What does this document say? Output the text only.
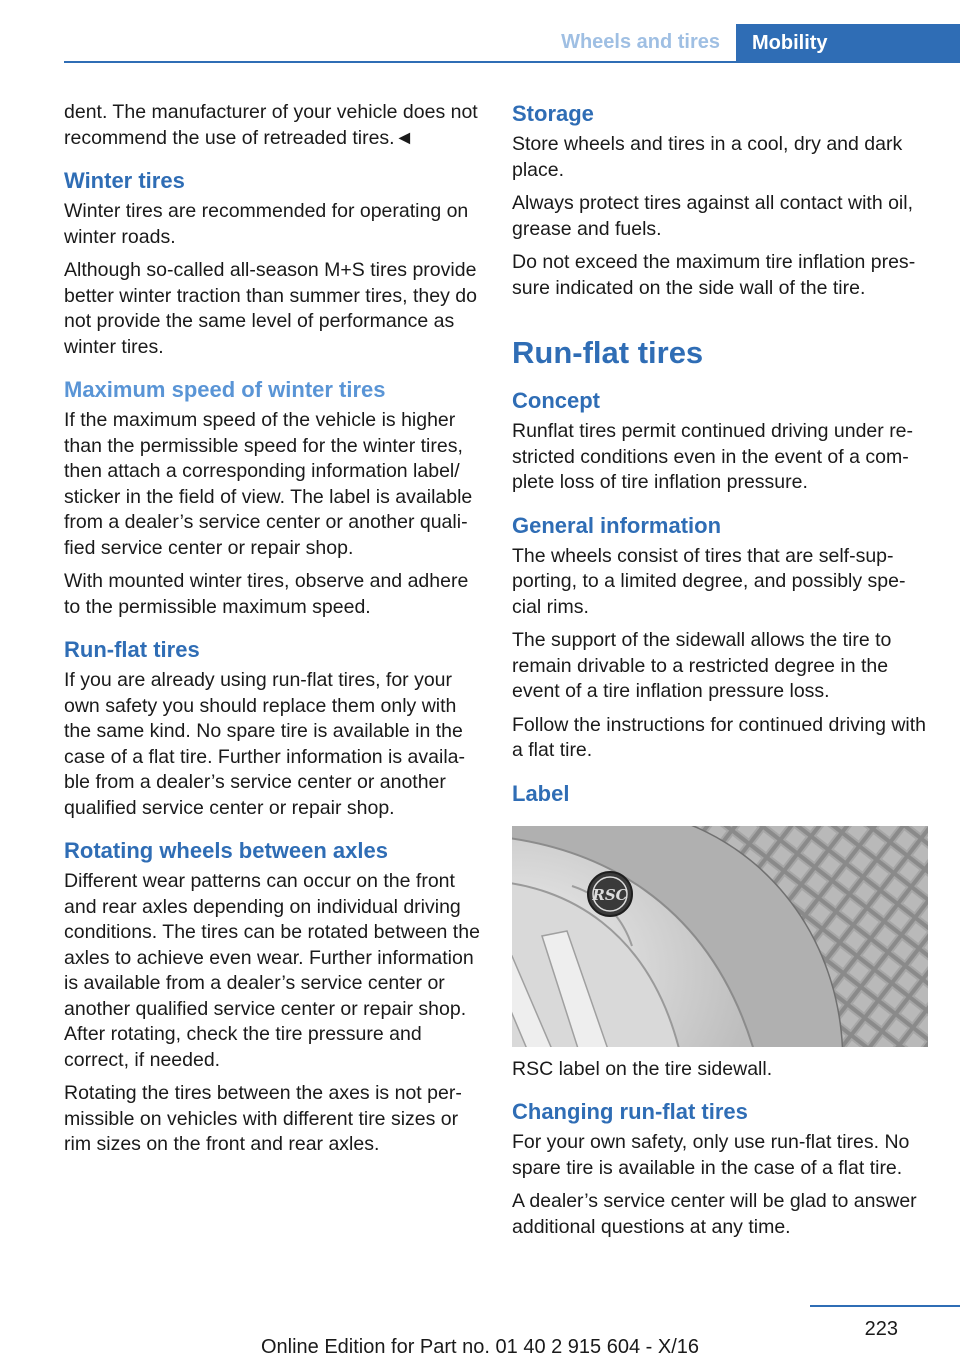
Wheels and tires	Mobility

dent. The manufacturer of your vehicle does not recommend the use of retreaded tires.◄

Winter tires

Winter tires are recommended for operating on winter roads.

Although so-called all-season M+S tires provide better winter traction than summer tires, they do not provide the same level of performance as winter tires.

Maximum speed of winter tires

If the maximum speed of the vehicle is higher than the permissible speed for the winter tires, then attach a corresponding information label/ sticker in the field of view. The label is available from a dealer’s service center or another qualified service center or repair shop.

With mounted winter tires, observe and adhere to the permissible maximum speed.

Run-flat tires

If you are already using run-flat tires, for your own safety you should replace them only with the same kind. No spare tire is available in the case of a flat tire. Further information is available from a dealer’s service center or another qualified service center or repair shop.

Rotating wheels between axles

Different wear patterns can occur on the front and rear axles depending on individual driving conditions. The tires can be rotated between the axles to achieve even wear. Further information is available from a dealer’s service center or another qualified service center or repair shop. After rotating, check the tire pressure and correct, if needed.

Rotating the tires between the axes is not permissible on vehicles with different tire sizes or rim sizes on the front and rear axles.

Storage

Store wheels and tires in a cool, dry and dark place.

Always protect tires against all contact with oil, grease and fuels.

Do not exceed the maximum tire inflation pressure indicated on the side wall of the tire.

Run-flat tires
Concept

Runflat tires permit continued driving under restricted conditions even in the event of a complete loss of tire inflation pressure.

General information

The wheels consist of tires that are self-supporting, to a limited degree, and possibly special rims.

The support of the sidewall allows the tire to remain drivable to a restricted degree in the event of a tire inflation pressure loss.

Follow the instructions for continued driving with a flat tire.

Label
RSC

RSC label on the tire sidewall.

Changing run-flat tires

For your own safety, only use run-flat tires. No spare tire is available in the case of a flat tire.

A dealer’s service center will be glad to answer additional questions at any time.

223
Online Edition for Part no. 01 40 2 915 604 - X/16
